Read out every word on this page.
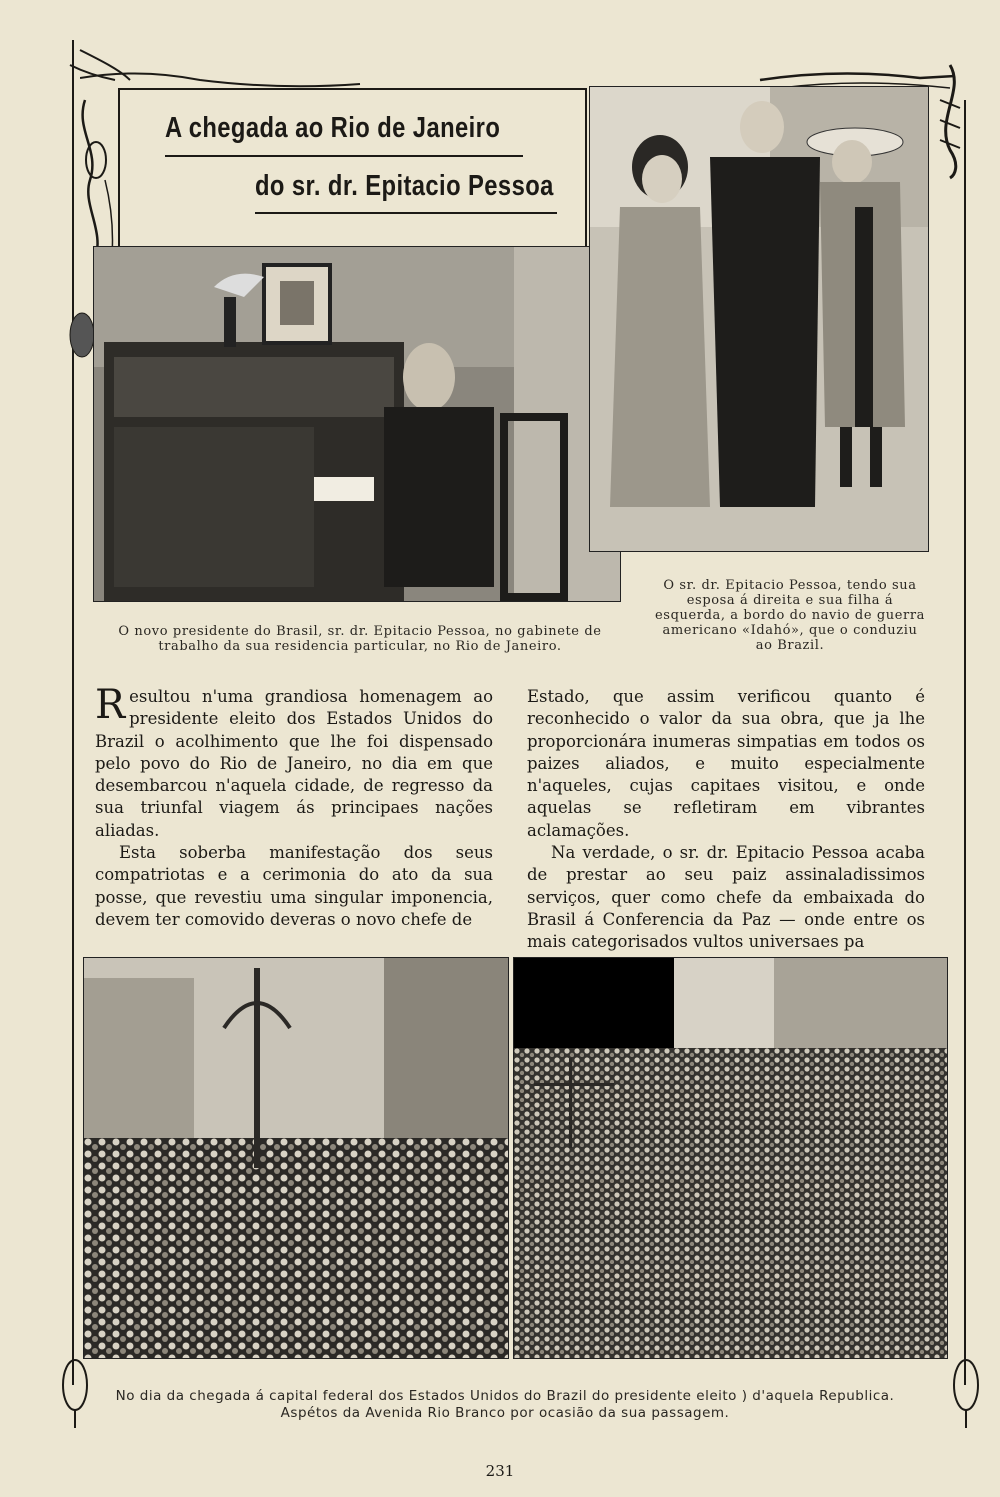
A chegada ao Rio de Janeiro
do sr. dr. Epitacio Pessoa
O novo presidente do Brasil, sr. dr. Epitacio Pessoa, no gabinete de trabalho da sua residencia particular, no Rio de Janeiro.
O sr. dr. Epitacio Pessoa, tendo sua esposa á direita e sua filha á esquerda, a bordo do navio de guerra americano «Idahó», que o conduziu ao Brazil.

Resultou n'uma grandiosa homenagem ao presidente eleito dos Estados Unidos do Brazil o acolhimento que lhe foi dispensado pelo povo do Rio de Janeiro, no dia em que desembarcou n'aquela cidade, de regresso da sua triunfal viagem ás principaes nações aliadas.

Esta soberba manifestação dos seus compatriotas e a cerimonia do ato da sua posse, que revestiu uma singular imponencia, devem ter comovido deveras o novo chefe de

Estado, que assim verificou quanto é reconhecido o valor da sua obra, que ja lhe proporcionára inumeras simpatias em todos os paizes aliados, e muito especialmente n'aqueles, cujas capitaes visitou, e onde aquelas se refletiram em vibrantes aclamações.

Na verdade, o sr. dr. Epitacio Pessoa acaba de prestar ao seu paiz assinaladissimos serviços, quer como chefe da embaixada do Brasil á Conferencia da Paz — onde entre os mais categorisados vultos universaes pa

No dia da chegada á capital federal dos Estados Unidos do Brazil do presidente eleito ) d'aquela Republica. Aspétos da Avenida Rio Branco por ocasião da sua passagem.
231
